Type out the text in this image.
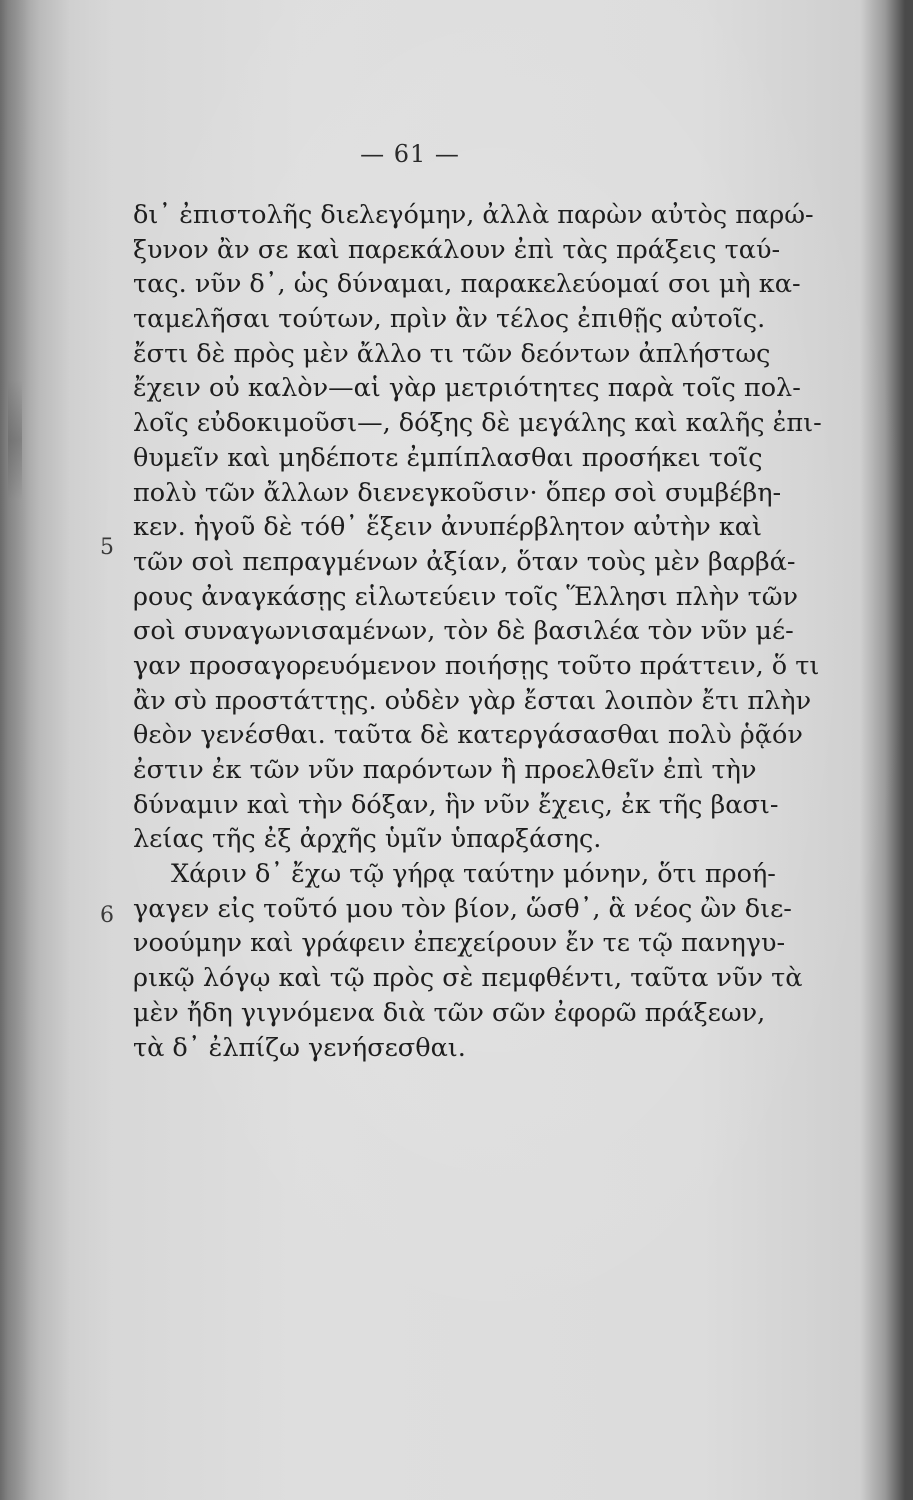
— 61 —
5
6
δι᾽ ἐπιστολῆς διελεγόμην, ἀλλὰ παρὼν αὐτὸς παρώ-
ξυνον ἂν σε καὶ παρεκάλουν ἐπὶ τὰς πράξεις ταύ-
τας. νῦν δ᾽, ὡς δύναμαι, παρακελεύομαί σοι μὴ κα-
ταμελῆσαι τούτων, πρὶν ἂν τέλος ἐπιθῇς αὐτοῖς.
ἔστι δὲ πρὸς μὲν ἄλλο τι τῶν δεόντων ἀπλήστως
ἔχειν οὐ καλὸν—αἱ γὰρ μετριότητες παρὰ τοῖς πολ-
λοῖς εὐδοκιμοῦσι—, δόξης δὲ μεγάλης καὶ καλῆς ἐπι-
θυμεῖν καὶ μηδέποτε ἐμπίπλασθαι προσήκει τοῖς
πολὺ τῶν ἄλλων διενεγκοῦσιν· ὅπερ σοὶ συμβέβη-
κεν. ἡγοῦ δὲ τόθ᾽ ἕξειν ἀνυπέρβλητον αὐτὴν καὶ
τῶν σοὶ πεπραγμένων ἀξίαν, ὅταν τοὺς μὲν βαρβά-
ρους ἀναγκάσῃς εἱλωτεύειν τοῖς Ἕλλησι πλὴν τῶν
σοὶ συναγωνισαμένων, τὸν δὲ βασιλέα τὸν νῦν μέ-
γαν προσαγορευόμενον ποιήσῃς τοῦτο πράττειν, ὅ τι
ἂν σὺ προστάττῃς. οὐδὲν γὰρ ἔσται λοιπὸν ἔτι πλὴν
θεὸν γενέσθαι. ταῦτα δὲ κατεργάσασθαι πολὺ ῥᾷόν
ἐστιν ἐκ τῶν νῦν παρόντων ἢ προελθεῖν ἐπὶ τὴν
δύναμιν καὶ τὴν δόξαν, ἣν νῦν ἔχεις, ἐκ τῆς βασι-
λείας τῆς ἐξ ἀρχῆς ὑμῖν ὑπαρξάσης.
Χάριν δ᾽ ἔχω τῷ γήρᾳ ταύτην μόνην, ὅτι προή-
γαγεν εἰς τοῦτό μου τὸν βίον, ὥσθ᾽, ἃ νέος ὢν διε-
νοούμην καὶ γράφειν ἐπεχείρουν ἔν τε τῷ πανηγυ-
ρικῷ λόγῳ καὶ τῷ πρὸς σὲ πεμφθέντι, ταῦτα νῦν τὰ
μὲν ἤδη γιγνόμενα διὰ τῶν σῶν ἐφορῶ πράξεων,
τὰ δ᾽ ἐλπίζω γενήσεσθαι.
